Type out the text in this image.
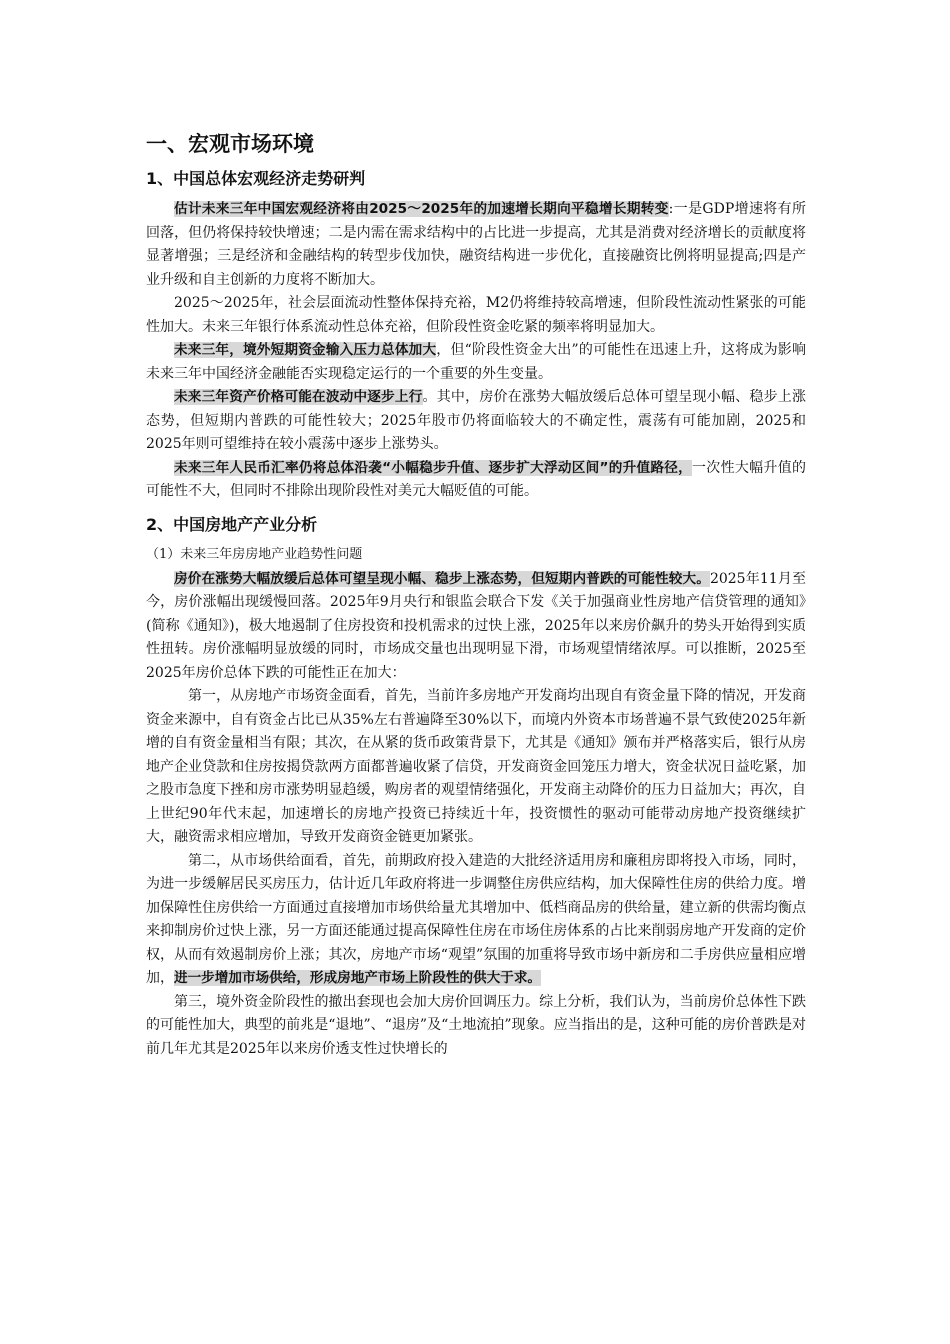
一、宏观市场环境
1、中国总体宏观经济走势研判

估计未来三年中国宏观经济将由2025～2025年的加速增长期向平稳增长期转变:一是GDP增速将有所回落，但仍将保持较快增速；二是内需在需求结构中的占比进一步提高，尤其是消费对经济增长的贡献度将显著增强；三是经济和金融结构的转型步伐加快，融资结构进一步优化，直接融资比例将明显提高;四是产业升级和自主创新的力度将不断加大。

2025～2025年，社会层面流动性整体保持充裕，M2仍将维持较高增速，但阶段性流动性紧张的可能性加大。未来三年银行体系流动性总体充裕，但阶段性资金吃紧的频率将明显加大。

未来三年，境外短期资金输入压力总体加大，但“阶段性资金大出”的可能性在迅速上升，这将成为影响未来三年中国经济金融能否实现稳定运行的一个重要的外生变量。

未来三年资产价格可能在波动中逐步上行。其中，房价在涨势大幅放缓后总体可望呈现小幅、稳步上涨态势，但短期内普跌的可能性较大；2025年股市仍将面临较大的不确定性，震荡有可能加剧，2025和2025年则可望维持在较小震荡中逐步上涨势头。

未来三年人民币汇率仍将总体沿袭“小幅稳步升值、逐步扩大浮动区间”的升值路径，一次性大幅升值的可能性不大，但同时不排除出现阶段性对美元大幅贬值的可能。

2、中国房地产产业分析
（1）未来三年房房地产业趋势性问题

房价在涨势大幅放缓后总体可望呈现小幅、稳步上涨态势，但短期内普跌的可能性较大。2025年11月至今，房价涨幅出现缓慢回落。2025年9月央行和银监会联合下发《关于加强商业性房地产信贷管理的通知》(简称《通知》)，极大地遏制了住房投资和投机需求的过快上涨，2025年以来房价飙升的势头开始得到实质性扭转。房价涨幅明显放缓的同时，市场成交量也出现明显下滑，市场观望情绪浓厚。可以推断，2025至2025年房价总体下跌的可能性正在加大：

第一，从房地产市场资金面看，首先，当前许多房地产开发商均出现自有资金量下降的情况，开发商资金来源中，自有资金占比已从35%左右普遍降至30%以下，而境内外资本市场普遍不景气致使2025年新增的自有资金量相当有限；其次，在从紧的货币政策背景下，尤其是《通知》颁布并严格落实后，银行从房地产企业贷款和住房按揭贷款两方面都普遍收紧了信贷，开发商资金回笼压力增大，资金状况日益吃紧，加之股市急度下挫和房市涨势明显趋缓，购房者的观望情绪强化，开发商主动降价的压力日益加大；再次，自上世纪90年代末起，加速增长的房地产投资已持续近十年，投资惯性的驱动可能带动房地产投资继续扩大，融资需求相应增加，导致开发商资金链更加紧张。

第二，从市场供给面看，首先，前期政府投入建造的大批经济适用房和廉租房即将投入市场，同时，为进一步缓解居民买房压力，估计近几年政府将进一步调整住房供应结构，加大保障性住房的供给力度。增加保障性住房供给一方面通过直接增加市场供给量尤其增加中、低档商品房的供给量，建立新的供需均衡点来抑制房价过快上涨，另一方面还能通过提高保障性住房在市场住房体系的占比来削弱房地产开发商的定价权，从而有效遏制房价上涨；其次，房地产市场“观望”氛围的加重将导致市场中新房和二手房供应量相应增加，进一步增加市场供给，形成房地产市场上阶段性的供大于求。

第三，境外资金阶段性的撤出套现也会加大房价回调压力。综上分析，我们认为，当前房价总体性下跌的可能性加大，典型的前兆是“退地”、“退房”及“土地流拍”现象。应当指出的是，这种可能的房价普跌是对前几年尤其是2025年以来房价透支性过快增长的
